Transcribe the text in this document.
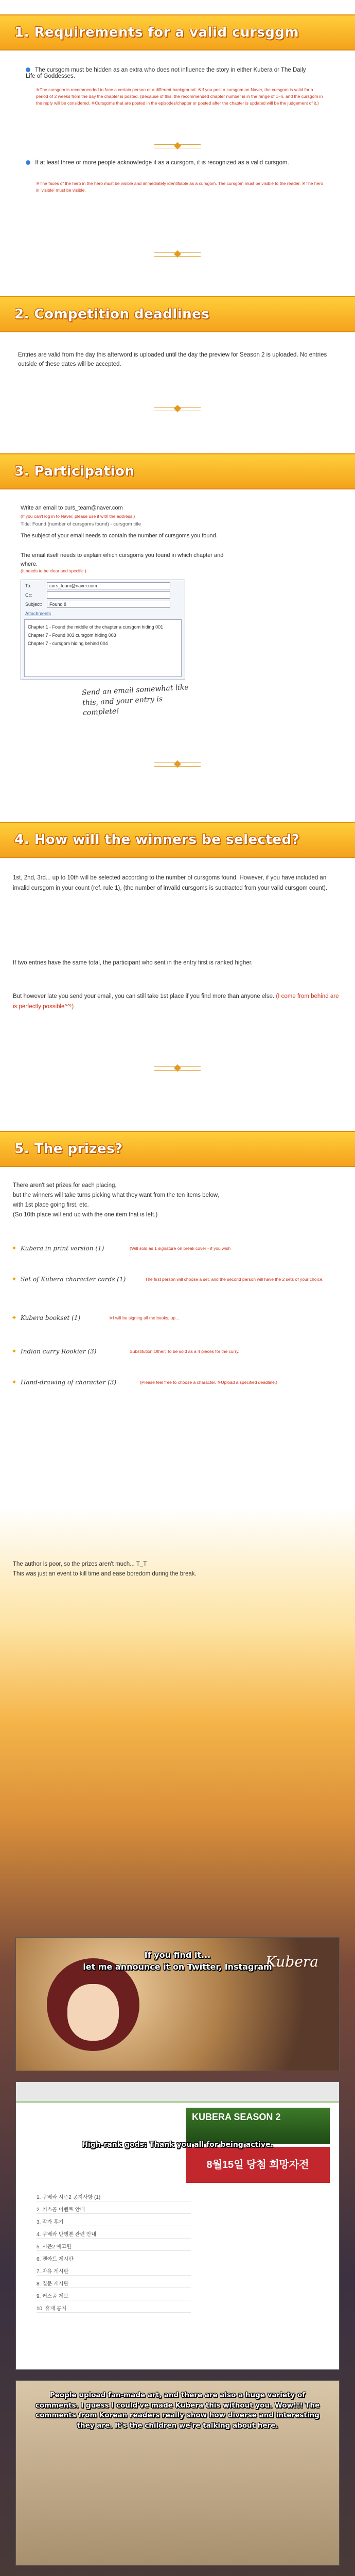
1. Requirements for a valid cursggm
The cursgom must be hidden as an extra who does not influence the story in either Kubera or The Daily Life of Goddesses.
※The cursgom is recommended to face a certain person or a different background. ※If you post a cursgom on Naver, the cursgom is valid for a period of 2 weeks from the day the chapter is posted. (Because of this, the recommended chapter number is in the range of 1~n, and the cursgom in the reply will be considered. ※Cursgoms that are posted in the episodes/chapter or posted after the chapter is updated will be the judgement of it.)
If at least three or more people acknowledge it as a cursgom, it is recognized as a valid cursgom.
※The faces of the hero in the hero must be visible and immediately identifiable as a cursgom. The cursgom must be visible to the reader. ※The hero in 'visible' must be visible.
2. Competition deadlines
Entries are valid from the day this afterword is uploaded until the day the preview for Season 2 is uploaded. No entries outside of these dates will be accepted.
3. Participation
Write an email to curs_team@naver.com
(If you can't log in to Naver, please use it with the address.)
Title: Found (number of cursgoms found) - cursgom title
The subject of your email needs to contain the number of cursgoms you found.
The email itself needs to explain which cursgoms you found in which chapter and where.
(It needs to be clear and specific.)
To:	curs_team@naver.com
Cc:
Subject:	Found 8
Attachments
Chapter 1 - Found the middle of the chapter a cursgom hiding 001
Chapter 7 - Found 003 cursgom hiding 003
Chapter 7 - cursgom hiding behind 004
Send an email somewhat like this, and your entry is complete!
4. How will the winners be selected?
1st, 2nd, 3rd... up to 10th will be selected according to the number of cursgoms found. However, if you have included an invalid cursgom in your count (ref. rule 1), (the number of invalid cursgoms is subtracted from your valid cursgom count).
If two entries have the same total, the participant who sent in the entry first is ranked higher.
But however late you send your email, you can still take 1st place if you find more than anyone else. (I come from behind are is perfectly possible^^!)
5. The prizes?
There aren't set prizes for each placing,
but the winners will take turns picking what they want from the ten items below,
with 1st place going first, etc.
(So 10th place will end up with the one item that is left.)
✦ Kubera in print version (1)	(Will sold as 1 signature on break cover - if you wish
✦ Set of Kubera character cards (1)	The first person will choose a set, and the second person will have the 2 sets of your choice.
✦ Kubera bookset (1)	※I will be signing all the books, up...
✦ Indian curry Rookier (3)	Substitution Other: To be sold as a 4 pieces for the curry.
✦ Hand-drawing of character (3)	(Please feel free to choose a character. ※Upload a specified deadline.)
The author is poor, so the prizes aren't much... T_T
This was just an event to kill time and ease boredom during the break.
Kubera
If you find it...
let me announce it on Twitter, Instagram
KUBERA SEASON 2
8월15일 당첨 희망자전
1. 쿠베라 시즌2 공지사항 (1)
2. 커스곰 이벤트 안내
3. 작가 후기
4. 쿠베라 단행본 관련 안내
5. 시즌2 예고편
6. 팬아트 게시판
7. 자유 게시판
8. 질문 게시판
9. 커스곰 제보
10. 휴재 공지
High-rank gods: Thank you all for being active.
People upload fan-made art, and there are also a huge variety of comments. I guess I could've made Kubera this without you. Wow!!! The comments from Korean readers really show how diverse and interesting they are. It's the children we're talking about here.
